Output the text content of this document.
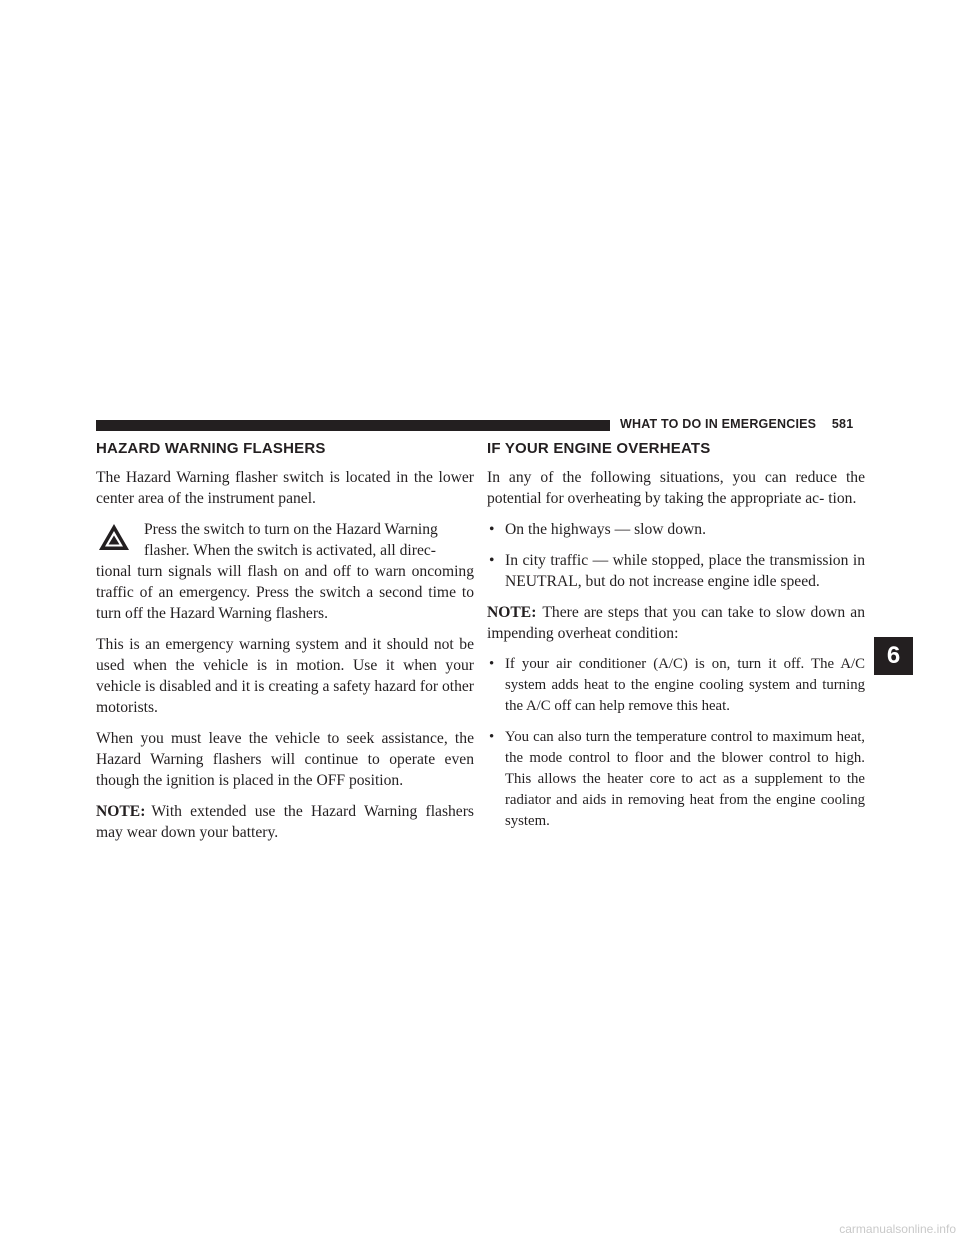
WHAT TO DO IN EMERGENCIES 581
HAZARD WARNING FLASHERS

The Hazard Warning flasher switch is located in the lower center area of the instrument panel.

Press the switch to turn on the Hazard Warning
flasher. When the switch is activated, all direc-
tional turn signals will flash on and off to warn oncoming traffic of an emergency. Press the switch a second time to turn off the Hazard Warning flashers.

This is an emergency warning system and it should not be used when the vehicle is in motion. Use it when your vehicle is disabled and it is creating a safety hazard for other motorists.

When you must leave the vehicle to seek assistance, the Hazard Warning flashers will continue to operate even though the ignition is placed in the OFF position.

NOTE: With extended use the Hazard Warning flashers may wear down your battery.

IF YOUR ENGINE OVERHEATS

In any of the following situations, you can reduce the potential for overheating by taking the appropriate ac- tion.

• On the highways — slow down.
• In city traffic — while stopped, place the transmission in NEUTRAL, but do not increase engine idle speed.

NOTE: There are steps that you can take to slow down an impending overheat condition:

• If your air conditioner (A/C) is on, turn it off. The A/C system adds heat to the engine cooling system and turning the A/C off can help remove this heat.
• You can also turn the temperature control to maximum heat, the mode control to floor and the blower control to high. This allows the heater core to act as a supplement to the radiator and aids in removing heat from the engine cooling system.
6
carmanualsonline.info
